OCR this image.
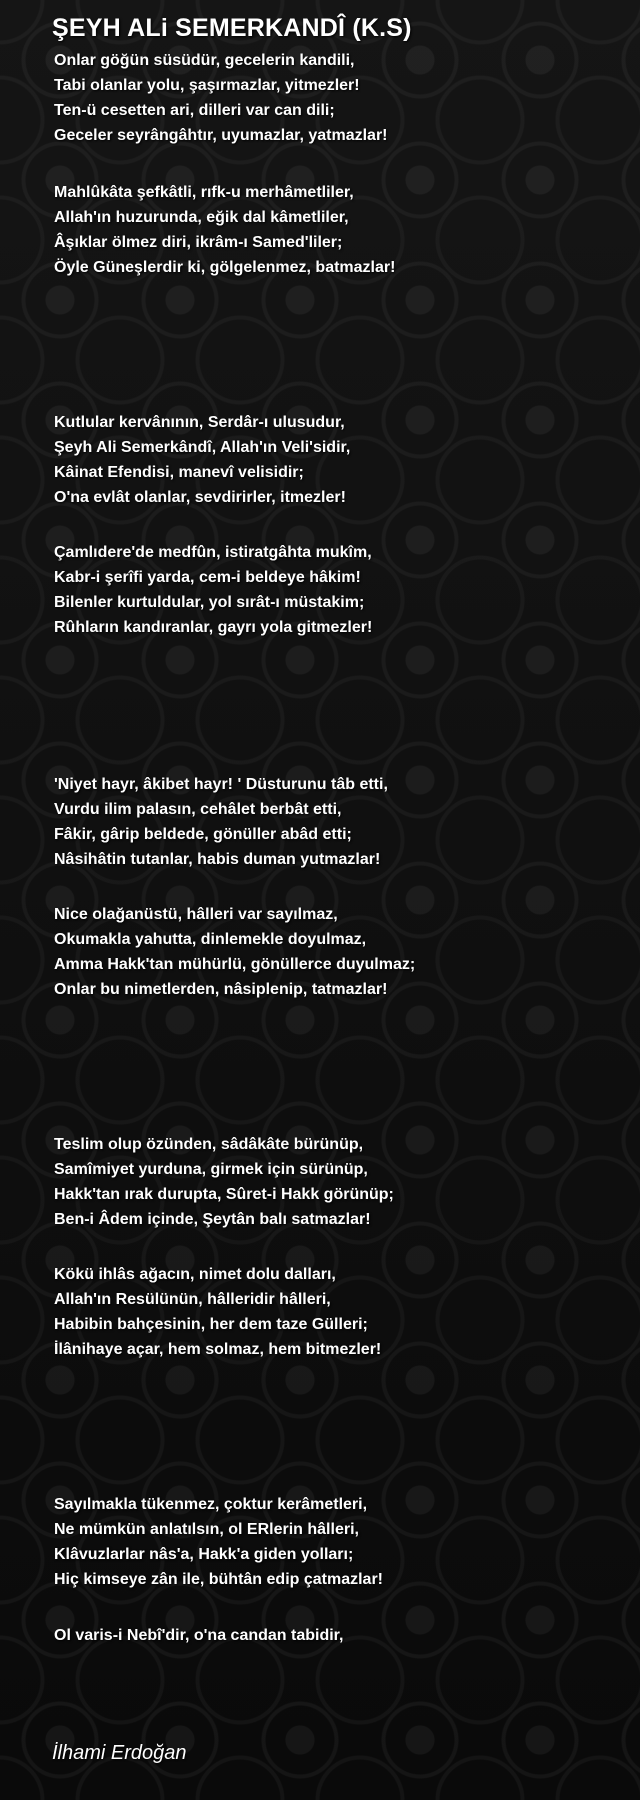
ŞEYH ALi SEMERKANDÎ (K.S)
Onlar göğün süsüdür, gecelerin kandili,
Tabi olanlar yolu, şaşırmazlar, yitmezler!
Ten-ü cesetten ari, dilleri var can dili;
Geceler seyrângâhtır, uyumazlar, yatmazlar!
Mahlûkâta şefkâtli, rıfk-u merhâmetliler,
Allah'ın huzurunda, eğik dal kâmetliler,
Âşıklar ölmez diri, ikrâm-ı Samed'liler;
Öyle Güneşlerdir ki, gölgelenmez, batmazlar!
Kutlular kervânının, Serdâr-ı ulusudur,
Şeyh Ali Semerkândî, Allah'ın Veli'sidir,
Kâinat Efendisi, manevî velisidir;
O'na evlât olanlar, sevdirirler, itmezler!
Çamlıdere'de medfûn, istiratgâhta mukîm,
Kabr-i şerîfi yarda, cem-i beldeye hâkim!
Bilenler kurtuldular, yol sırât-ı müstakim;
Rûhların kandıranlar, gayrı yola gitmezler!
'Niyet hayr, âkibet hayr! ' Düsturunu tâb etti,
Vurdu ilim palasın, cehâlet berbât etti,
Fâkir, gârip beldede, gönüller abâd etti;
Nâsihâtin tutanlar, habis duman yutmazlar!
Nice olağanüstü, hâlleri var sayılmaz,
Okumakla yahutta, dinlemekle doyulmaz,
Amma Hakk'tan mühürlü, gönüllerce duyulmaz;
Onlar bu nimetlerden, nâsiplenip, tatmazlar!
Teslim olup özünden, sâdâkâte bürünüp,
Samîmiyet yurduna, girmek için sürünüp,
Hakk'tan ırak durupta, Sûret-i Hakk görünüp;
Ben-i Âdem içinde, Şeytân balı satmazlar!
Kökü ihlâs ağacın, nimet dolu dalları,
Allah'ın Resülünün, hâlleridir hâlleri,
Habibin bahçesinin, her dem taze Gülleri;
İlânihaye açar, hem solmaz, hem bitmezler!
Sayılmakla tükenmez, çoktur kerâmetleri,
Ne mümkün anlatılsın, ol ERlerin hâlleri,
Klâvuzlarlar nâs'a, Hakk'a giden yolları;
Hiç kimseye zân ile, bühtân edip çatmazlar!
Ol varis-i Nebî'dir, o'na candan tabidir,

İlhami Erdoğan
